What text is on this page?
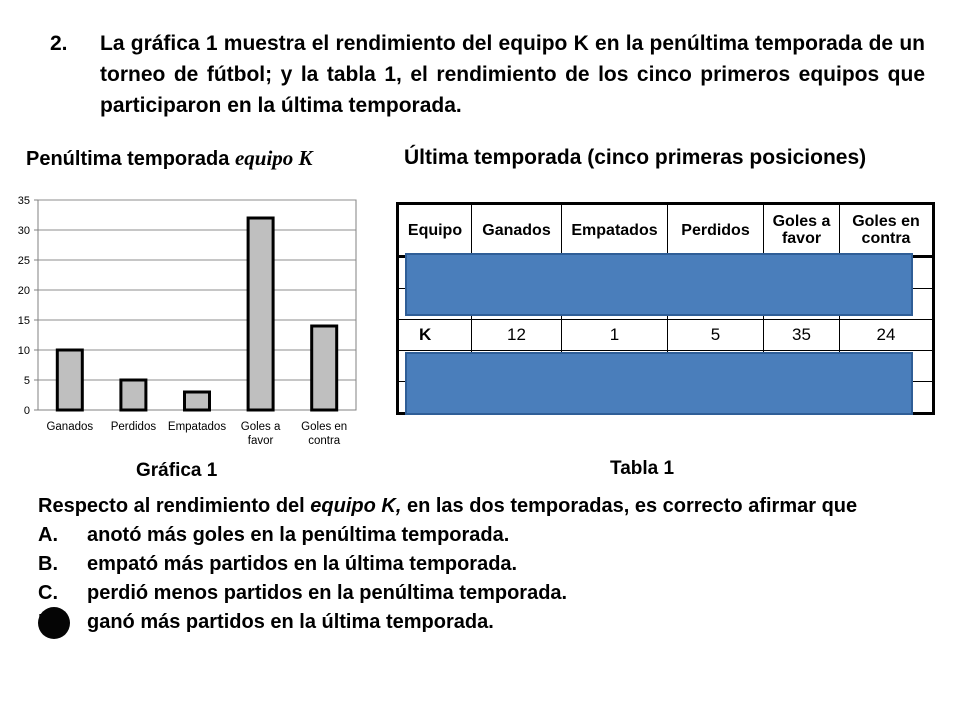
2. La gráfica 1 muestra el rendimiento del equipo K en la penúltima temporada de un torneo de fútbol; y la tabla 1, el rendimiento de los cinco primeros equipos que participaron en la última temporada.
Penúltima temporada equipo K	Última temporada (cinco primeras posiciones)
0
5
10
15
20
25
30
35
Ganados Perdidos Empatados Goles a favor
Goles en contra
Gráfica 1
Equipo	Ganados	Empatados	Perdidos	Goles a favor	Goles en contra

K	12	1	5	35	24

Tabla 1
Respecto al rendimiento del equipo K, en las dos temporadas, es correcto afirmar que
A. anotó más goles en la penúltima temporada.
B. empató más partidos en la última temporada.
C. perdió menos partidos en la penúltima temporada.
ganó más partidos en la última temporada.
